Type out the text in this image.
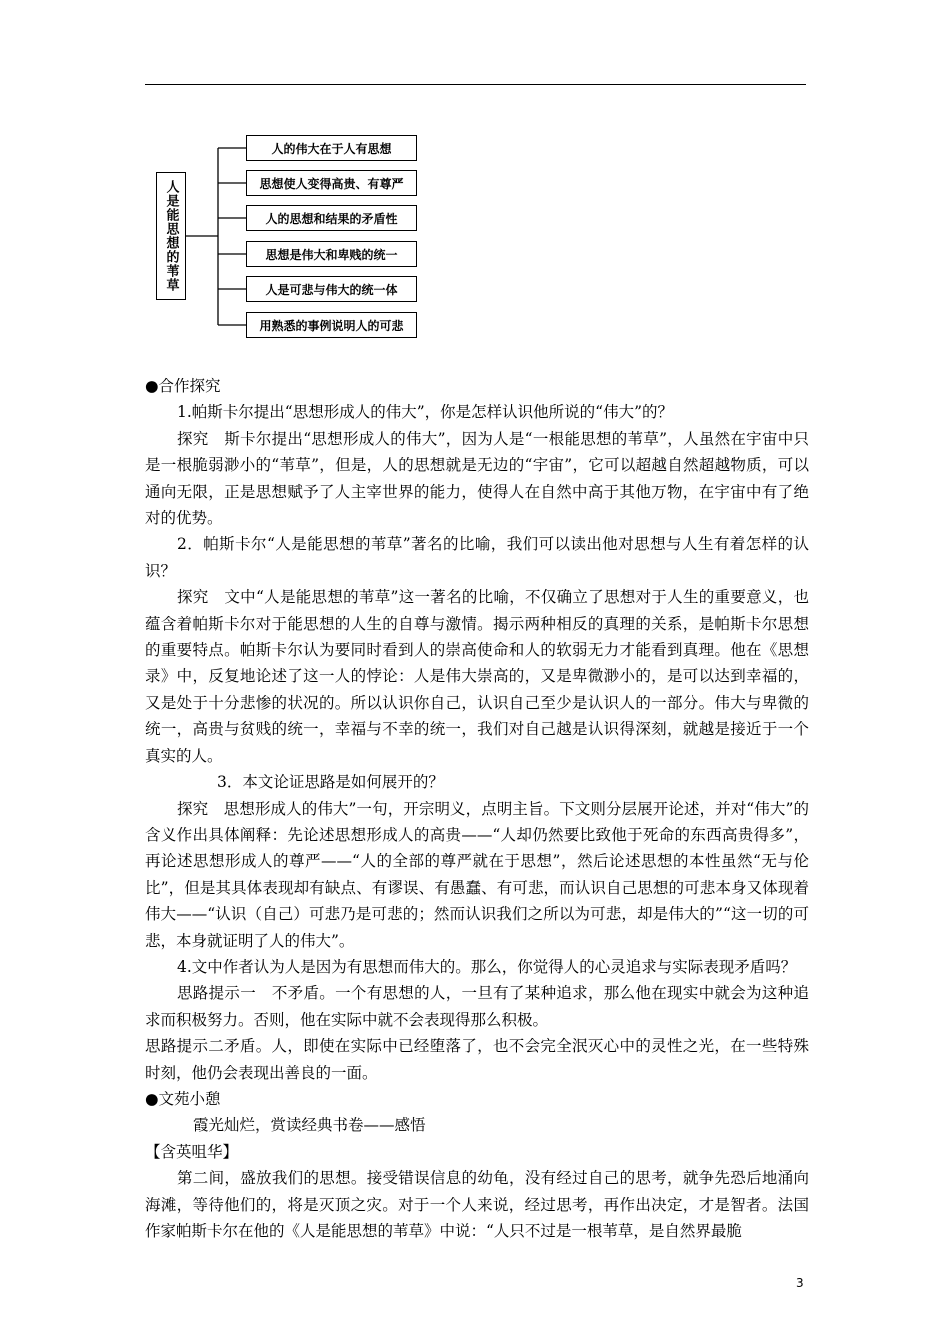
人是能思想的苇草
人的伟大在于人有思想
思想使人变得高贵、有尊严
人的思想和结果的矛盾性
思想是伟大和卑贱的统一
人是可悲与伟大的统一体
用熟悉的事例说明人的可悲

●合作探究

1.帕斯卡尔提出“思想形成人的伟大”，你是怎样认识他所说的“伟大”的？

探究　斯卡尔提出“思想形成人的伟大”，因为人是“一根能思想的苇草”，人虽然在宇宙中只是一根脆弱渺小的“苇草”，但是，人的思想就是无边的“宇宙”，它可以超越自然超越物质，可以通向无限，正是思想赋予了人主宰世界的能力，使得人在自然中高于其他万物，在宇宙中有了绝对的优势。

2．帕斯卡尔“人是能思想的苇草”著名的比喻，我们可以读出他对思想与人生有着怎样的认识？

探究　文中“人是能思想的苇草”这一著名的比喻，不仅确立了思想对于人生的重要意义，也蕴含着帕斯卡尔对于能思想的人生的自尊与激情。揭示两种相反的真理的关系，是帕斯卡尔思想的重要特点。帕斯卡尔认为要同时看到人的崇高使命和人的软弱无力才能看到真理。他在《思想录》中，反复地论述了这一人的悖论：人是伟大崇高的，又是卑微渺小的，是可以达到幸福的，又是处于十分悲惨的状况的。所以认识你自己，认识自己至少是认识人的一部分。伟大与卑微的统一，高贵与贫贱的统一，幸福与不幸的统一，我们对自己越是认识得深刻，就越是接近于一个真实的人。

3．本文论证思路是如何展开的？

探究　思想形成人的伟大”一句，开宗明义，点明主旨。下文则分层展开论述，并对“伟大”的含义作出具体阐释：先论述思想形成人的高贵——“人却仍然要比致他于死命的东西高贵得多”，再论述思想形成人的尊严——“人的全部的尊严就在于思想”，然后论述思想的本性虽然“无与伦比”，但是其具体表现却有缺点、有谬误、有愚蠢、有可悲，而认识自己思想的可悲本身又体现着伟大——“认识（自己）可悲乃是可悲的；然而认识我们之所以为可悲，却是伟大的”“这一切的可悲，本身就证明了人的伟大”。

4.文中作者认为人是因为有思想而伟大的。那么，你觉得人的心灵追求与实际表现矛盾吗？

思路提示一　不矛盾。一个有思想的人，一旦有了某种追求，那么他在现实中就会为这种追求而积极努力。否则，他在实际中就不会表现得那么积极。

思路提示二矛盾。人，即使在实际中已经堕落了，也不会完全泯灭心中的灵性之光，在一些特殊时刻，他仍会表现出善良的一面。

●文苑小憩

霞光灿烂，赏读经典书卷——感悟

【含英咀华】

第二间，盛放我们的思想。接受错误信息的幼龟，没有经过自己的思考，就争先恐后地涌向海滩，等待他们的，将是灭顶之灾。对于一个人来说，经过思考，再作出决定，才是智者。法国作家帕斯卡尔在他的《人是能思想的苇草》中说：“人只不过是一根苇草，是自然界最脆

3
